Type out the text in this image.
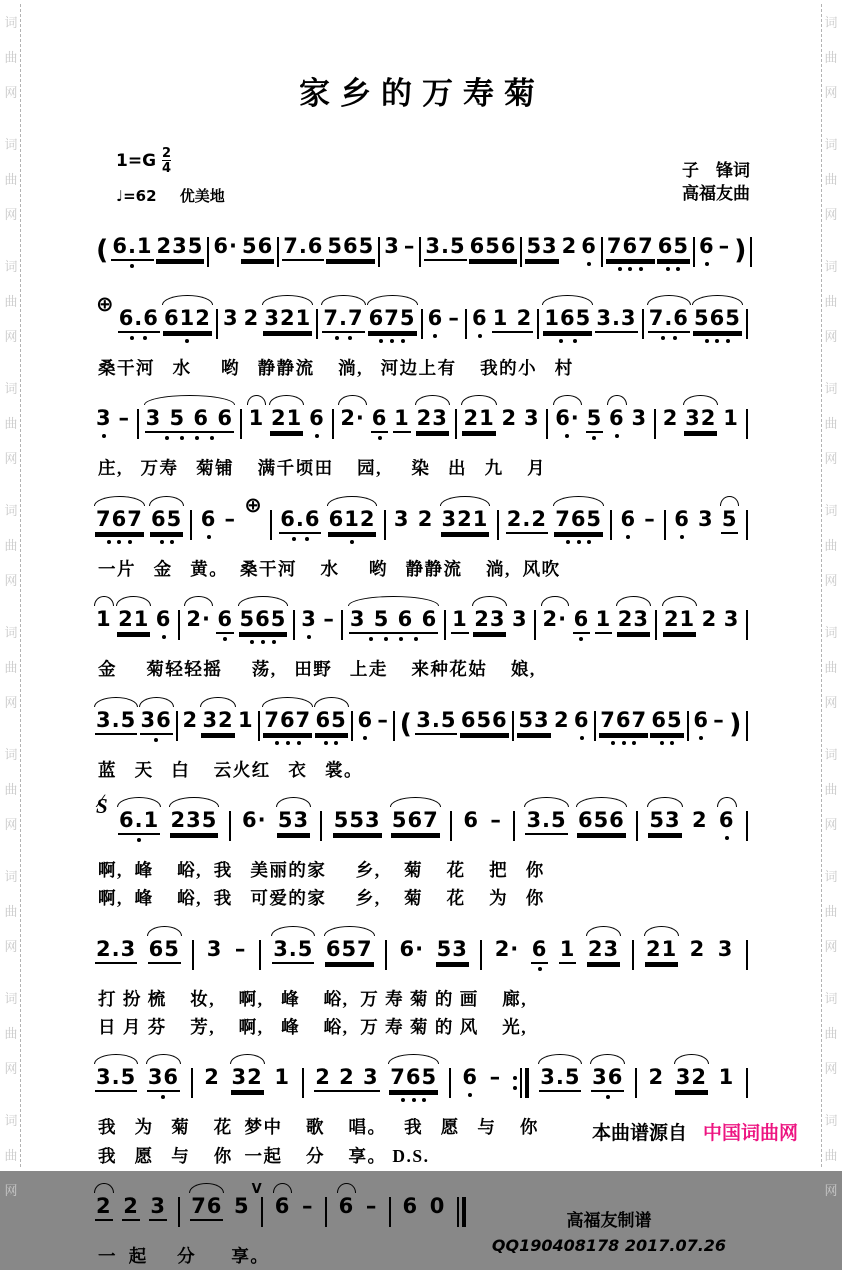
词
曲
网
词
曲
网
词
曲
网
词
曲
网
词
曲
网
词
曲
网
词
曲
网
词
曲
网
词
曲
网
词
曲
网
词
曲
网
词
曲
网
词
曲
网
词
曲
网
词
曲
网
词
曲
网
词
曲
网
词
曲
网
词
曲
网
词
曲
网
家乡的万寿菊
$1=G \frac{2}{4}$
♩=62 优美地
子　锋词
高福友曲
( 6.1 235 6· 56 7.6 565 3 – 3.5 656 53 2 6 767 65 6 – )
⊕
6.6 612 3 2 321 7.7 675 6 – 6 1 2 165 3.3 7.6 565
桑干河   水     哟   静静流    淌,   河边上有    我的小   村
3 – 3 5 6 6 1 21 6 2· 6 1 23 21 2 3 6· 5 6 3 2 32 1
庄,   万寿   菊铺    满千顷田    园,     染   出   九    月
767 65 6 –
⊕
6.6 612 3 2 321 2.2 765 6 – 6 3 5
一片   金   黄。  桑干河    水     哟   静静流    淌,  风吹
1 21 6 2· 6 565 3 – 3 5 6 6 1 23 3 2· 6 1 23 21 2 3
金     菊轻轻摇     荡,   田野   上走    来种花姑    娘,
3.5 36 2 32 1 767 65 6 – ( 3.5 656 53 2 6 767 65 6 – )
蓝   天   白    云火红   衣   裳。
S ∕
6.1 235 6· 53 553 567 6 – 3.5 656 53 2 6
啊,  峰    峪,  我   美丽的家     乡,    菊    花    把   你
啊,  峰    峪,  我   可爱的家     乡,    菊    花    为   你
2.3 65 3 – 3.5 657 6· 53 2· 6 1 23 21 2 3
打 扮 梳    妆,    啊,   峰    峪,  万 寿 菊 的 画    廊,
日 月 芬    芳,    啊,   峰    峪,  万 寿 菊 的 风    光,
3.5 36 2 32 1 2 2 3 765 6 – 3.5 36 2 32 1
我   为   菊    花  梦中    歌    唱。   我   愿   与    你
我   愿   与    你  一起    分    享。 D.S.
2 2 3 76 5
V
6 – 6 – 6 0
一  起     分      享。
高福友制谱
QQ190408178 2017.07.26
本曲谱源自 中国词曲网
